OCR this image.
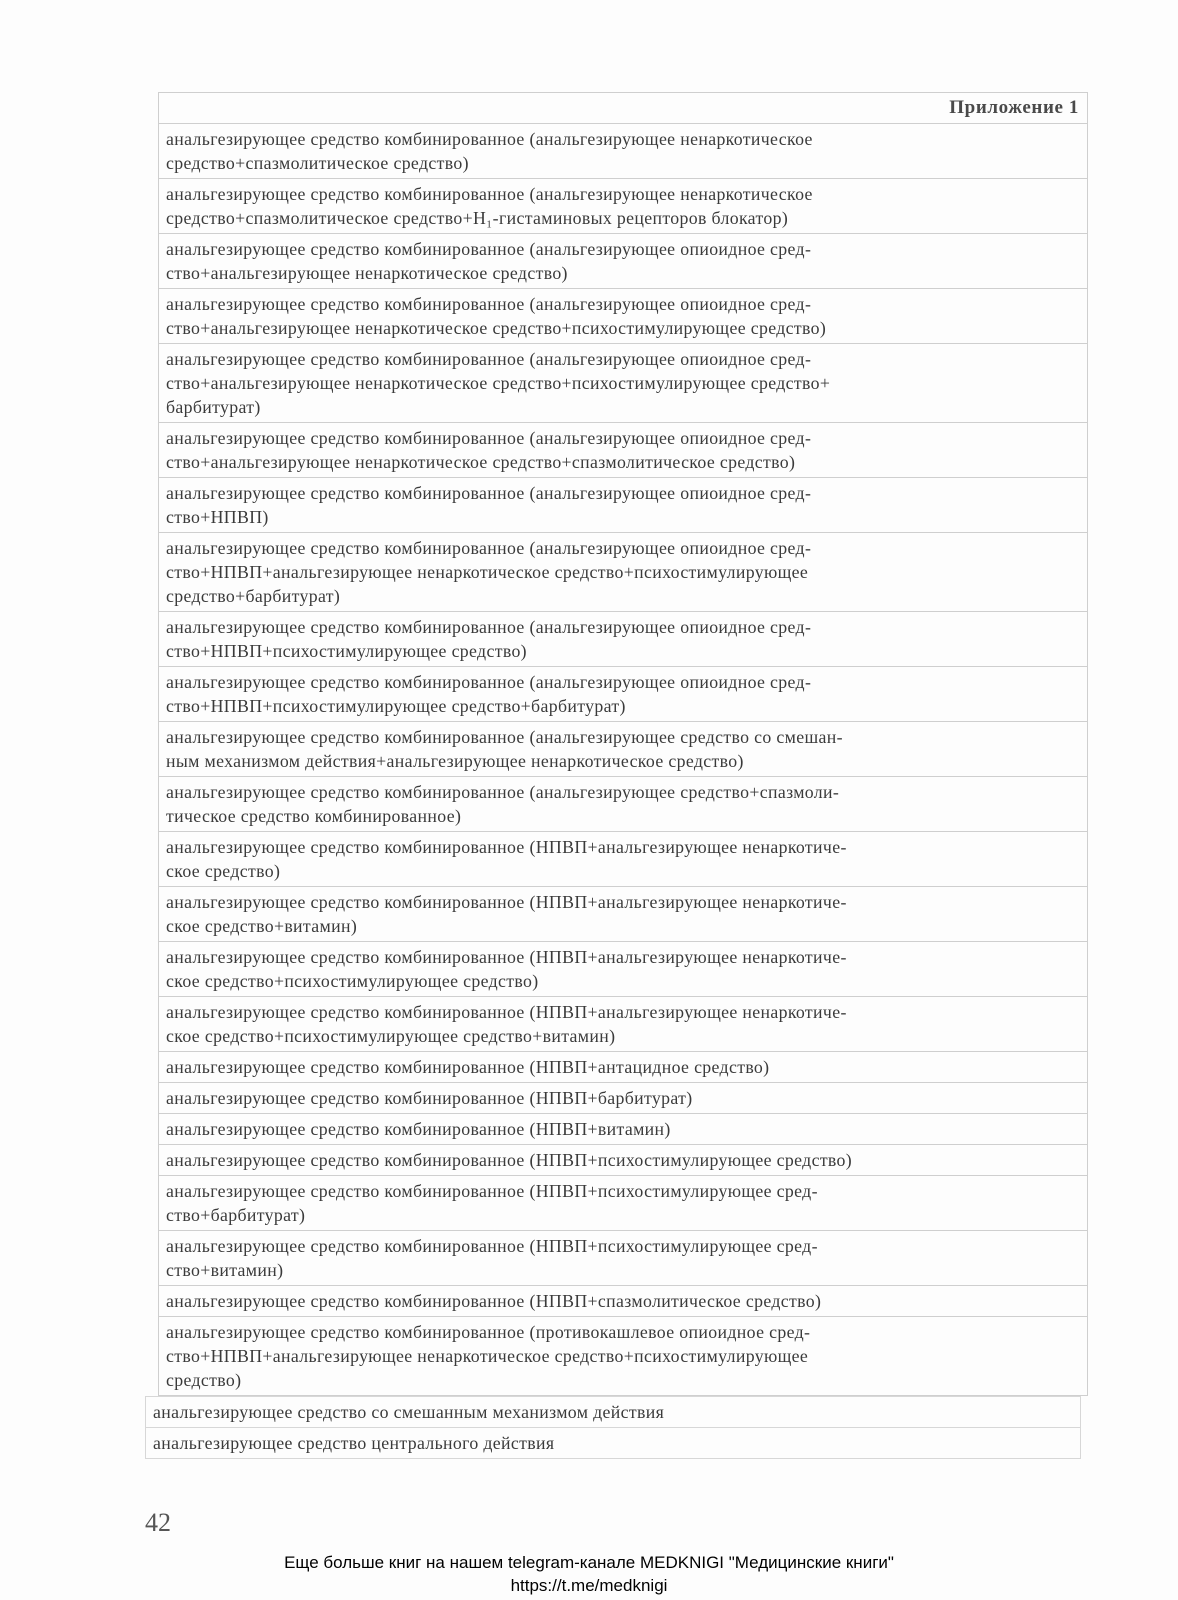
Приложение 1
анальгезирующее средство комбинированное (анальгезирующее ненаркотическое
средство+спазмолитическое средство)
анальгезирующее средство комбинированное (анальгезирующее ненаркотическое
средство+спазмолитическое средство+H₁-гистаминовых рецепторов блокатор)
анальгезирующее средство комбинированное (анальгезирующее опиоидное сред-
ство+анальгезирующее ненаркотическое средство)
анальгезирующее средство комбинированное (анальгезирующее опиоидное сред-
ство+анальгезирующее ненаркотическое средство+психостимулирующее средство)
анальгезирующее средство комбинированное (анальгезирующее опиоидное сред-
ство+анальгезирующее ненаркотическое средство+психостимулирующее средство+
барбитурат)
анальгезирующее средство комбинированное (анальгезирующее опиоидное сред-
ство+анальгезирующее ненаркотическое средство+спазмолитическое средство)
анальгезирующее средство комбинированное (анальгезирующее опиоидное сред-
ство+НПВП)
анальгезирующее средство комбинированное (анальгезирующее опиоидное сред-
ство+НПВП+анальгезирующее ненаркотическое средство+психостимулирующее
средство+барбитурат)
анальгезирующее средство комбинированное (анальгезирующее опиоидное сред-
ство+НПВП+психостимулирующее средство)
анальгезирующее средство комбинированное (анальгезирующее опиоидное сред-
ство+НПВП+психостимулирующее средство+барбитурат)
анальгезирующее средство комбинированное (анальгезирующее средство со смешан-
ным механизмом действия+анальгезирующее ненаркотическое средство)
анальгезирующее средство комбинированное (анальгезирующее средство+спазмоли-
тическое средство комбинированное)
анальгезирующее средство комбинированное (НПВП+анальгезирующее ненаркотиче-
ское средство)
анальгезирующее средство комбинированное (НПВП+анальгезирующее ненаркотиче-
ское средство+витамин)
анальгезирующее средство комбинированное (НПВП+анальгезирующее ненаркотиче-
ское средство+психостимулирующее средство)
анальгезирующее средство комбинированное (НПВП+анальгезирующее ненаркотиче-
ское средство+психостимулирующее средство+витамин)
анальгезирующее средство комбинированное (НПВП+антацидное средство)
анальгезирующее средство комбинированное (НПВП+барбитурат)
анальгезирующее средство комбинированное (НПВП+витамин)
анальгезирующее средство комбинированное (НПВП+психостимулирующее средство)
анальгезирующее средство комбинированное (НПВП+психостимулирующее сред-
ство+барбитурат)
анальгезирующее средство комбинированное (НПВП+психостимулирующее сред-
ство+витамин)
анальгезирующее средство комбинированное (НПВП+спазмолитическое средство)
анальгезирующее средство комбинированное (противокашлевое опиоидное сред-
ство+НПВП+анальгезирующее ненаркотическое средство+психостимулирующее
средство)
анальгезирующее средство со смешанным механизмом действия
анальгезирующее средство центрального действия
42
Еще больше книг на нашем telegram-канале MEDKNIGI "Медицинские книги"
https://t.me/medknigi
